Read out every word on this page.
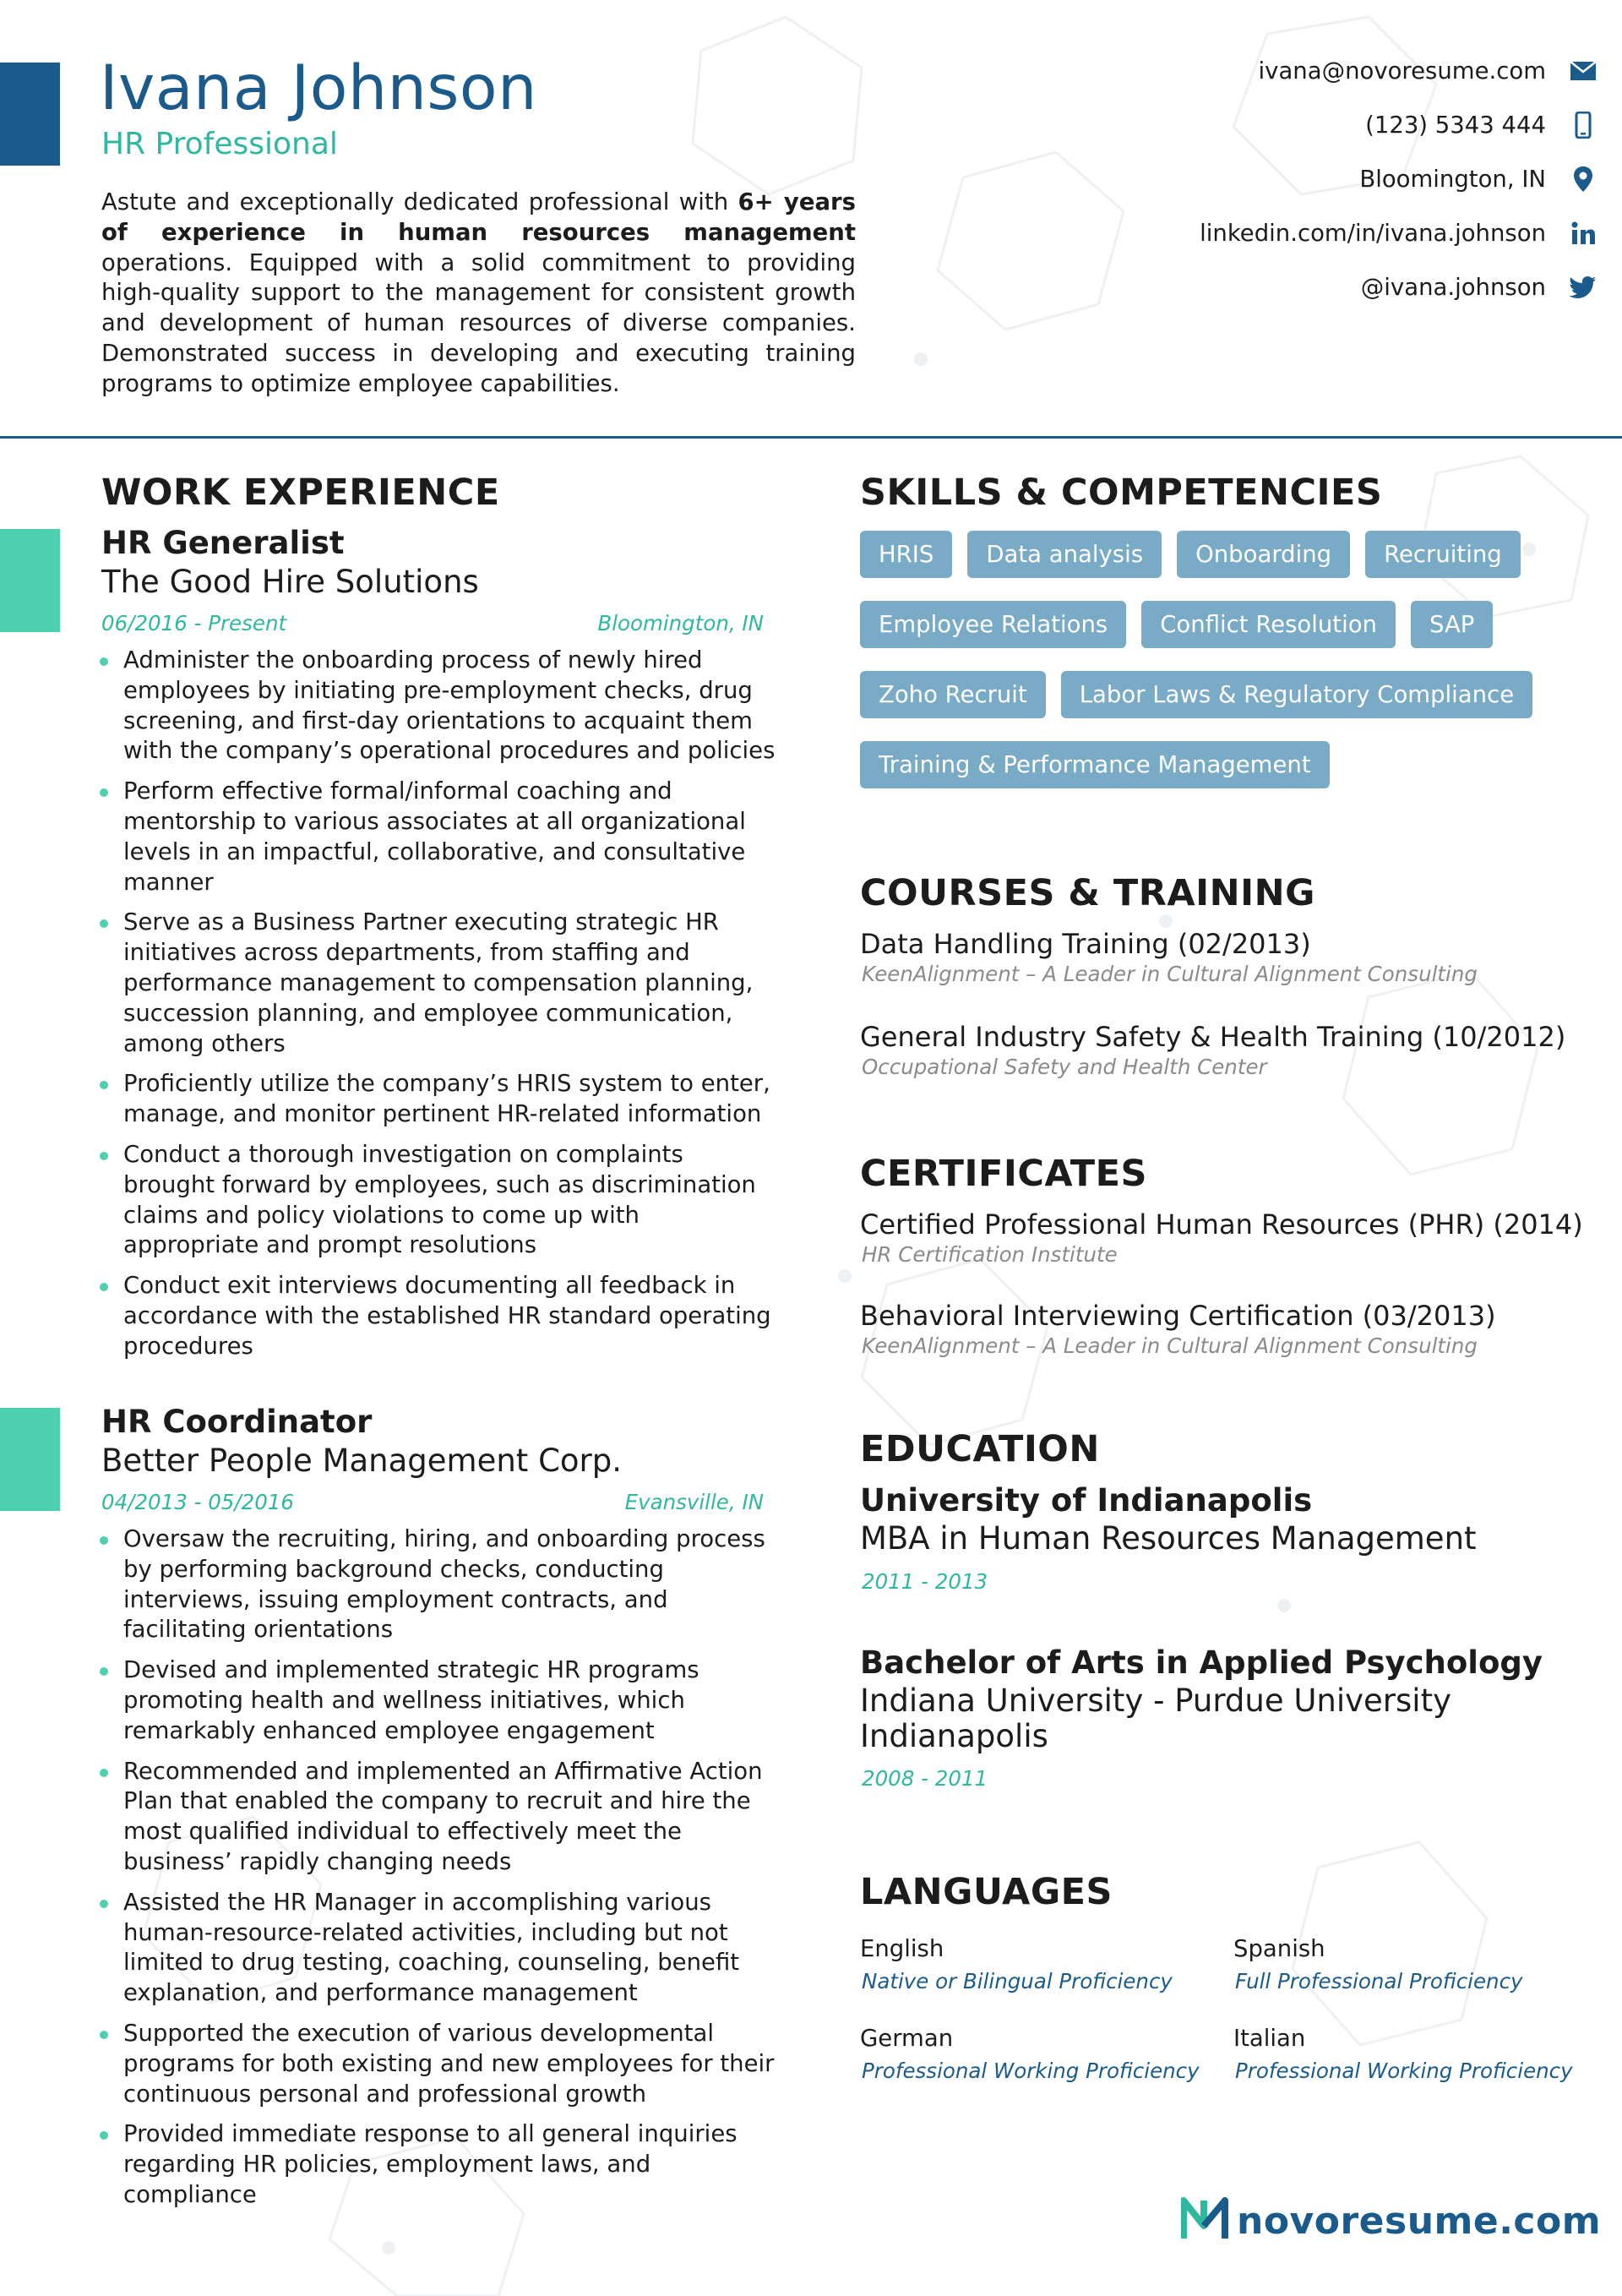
Ivana Johnson
HR Professional

Astute and exceptionally dedicated professional with 6+ years of experience in human resources management operations. Equipped with a solid commitment to providing high-quality support to the management for consistent growth and development of human resources of diverse companies. Demonstrated success in developing and executing training programs to optimize employee capabilities.

ivana@novoresume.com
(123) 5343 444
Bloomington, IN
linkedin.com/in/ivana.johnson
@ivana.johnson
WORK EXPERIENCE
HR Generalist
The Good Hire Solutions
06/2016 - Present	Bloomington, IN
Administer the onboarding process of newly hired employees by initiating pre-employment checks, drug screening, and first-day orientations to acquaint them with the company’s operational procedures and policies
Perform effective formal/informal coaching and mentorship to various associates at all organizational levels in an impactful, collaborative, and consultative manner
Serve as a Business Partner executing strategic HR initiatives across departments, from staffing and performance management to compensation planning, succession planning, and employee communication, among others
Proficiently utilize the company’s HRIS system to enter, manage, and monitor pertinent HR-related information
Conduct a thorough investigation on complaints brought forward by employees, such as discrimination claims and policy violations to come up with appropriate and prompt resolutions
Conduct exit interviews documenting all feedback in accordance with the established HR standard operating procedures
HR Coordinator
Better People Management Corp.
04/2013 - 05/2016	Evansville, IN
Oversaw the recruiting, hiring, and onboarding process by performing background checks, conducting interviews, issuing employment contracts, and facilitating orientations
Devised and implemented strategic HR programs promoting health and wellness initiatives, which remarkably enhanced employee engagement
Recommended and implemented an Affirmative Action Plan that enabled the company to recruit and hire the most qualified individual to effectively meet the business’ rapidly changing needs
Assisted the HR Manager in accomplishing various human-resource-related activities, including but not limited to drug testing, coaching, counseling, benefit explanation, and performance management
Supported the execution of various developmental programs for both existing and new employees for their continuous personal and professional growth
Provided immediate response to all general inquiries regarding HR policies, employment laws, and compliance
SKILLS & COMPETENCIES
HRIS	Data analysis	Onboarding	Recruiting
Employee Relations	Conflict Resolution	SAP
Zoho Recruit	Labor Laws & Regulatory Compliance
Training & Performance Management
COURSES & TRAINING
Data Handling Training (02/2013)
KeenAlignment – A Leader in Cultural Alignment Consulting
General Industry Safety & Health Training (10/2012)
Occupational Safety and Health Center
CERTIFICATES
Certified Professional Human Resources (PHR) (2014)
HR Certification Institute
Behavioral Interviewing Certification (03/2013)
KeenAlignment – A Leader in Cultural Alignment Consulting
EDUCATION
University of Indianapolis
MBA in Human Resources Management
2011 - 2013
Bachelor of Arts in Applied Psychology
Indiana University - Purdue University Indianapolis
2008 - 2011
LANGUAGES
English
Native or Bilingual Proficiency
Spanish
Full Professional Proficiency
German
Professional Working Proficiency
Italian
Professional Working Proficiency
novoresume.com
